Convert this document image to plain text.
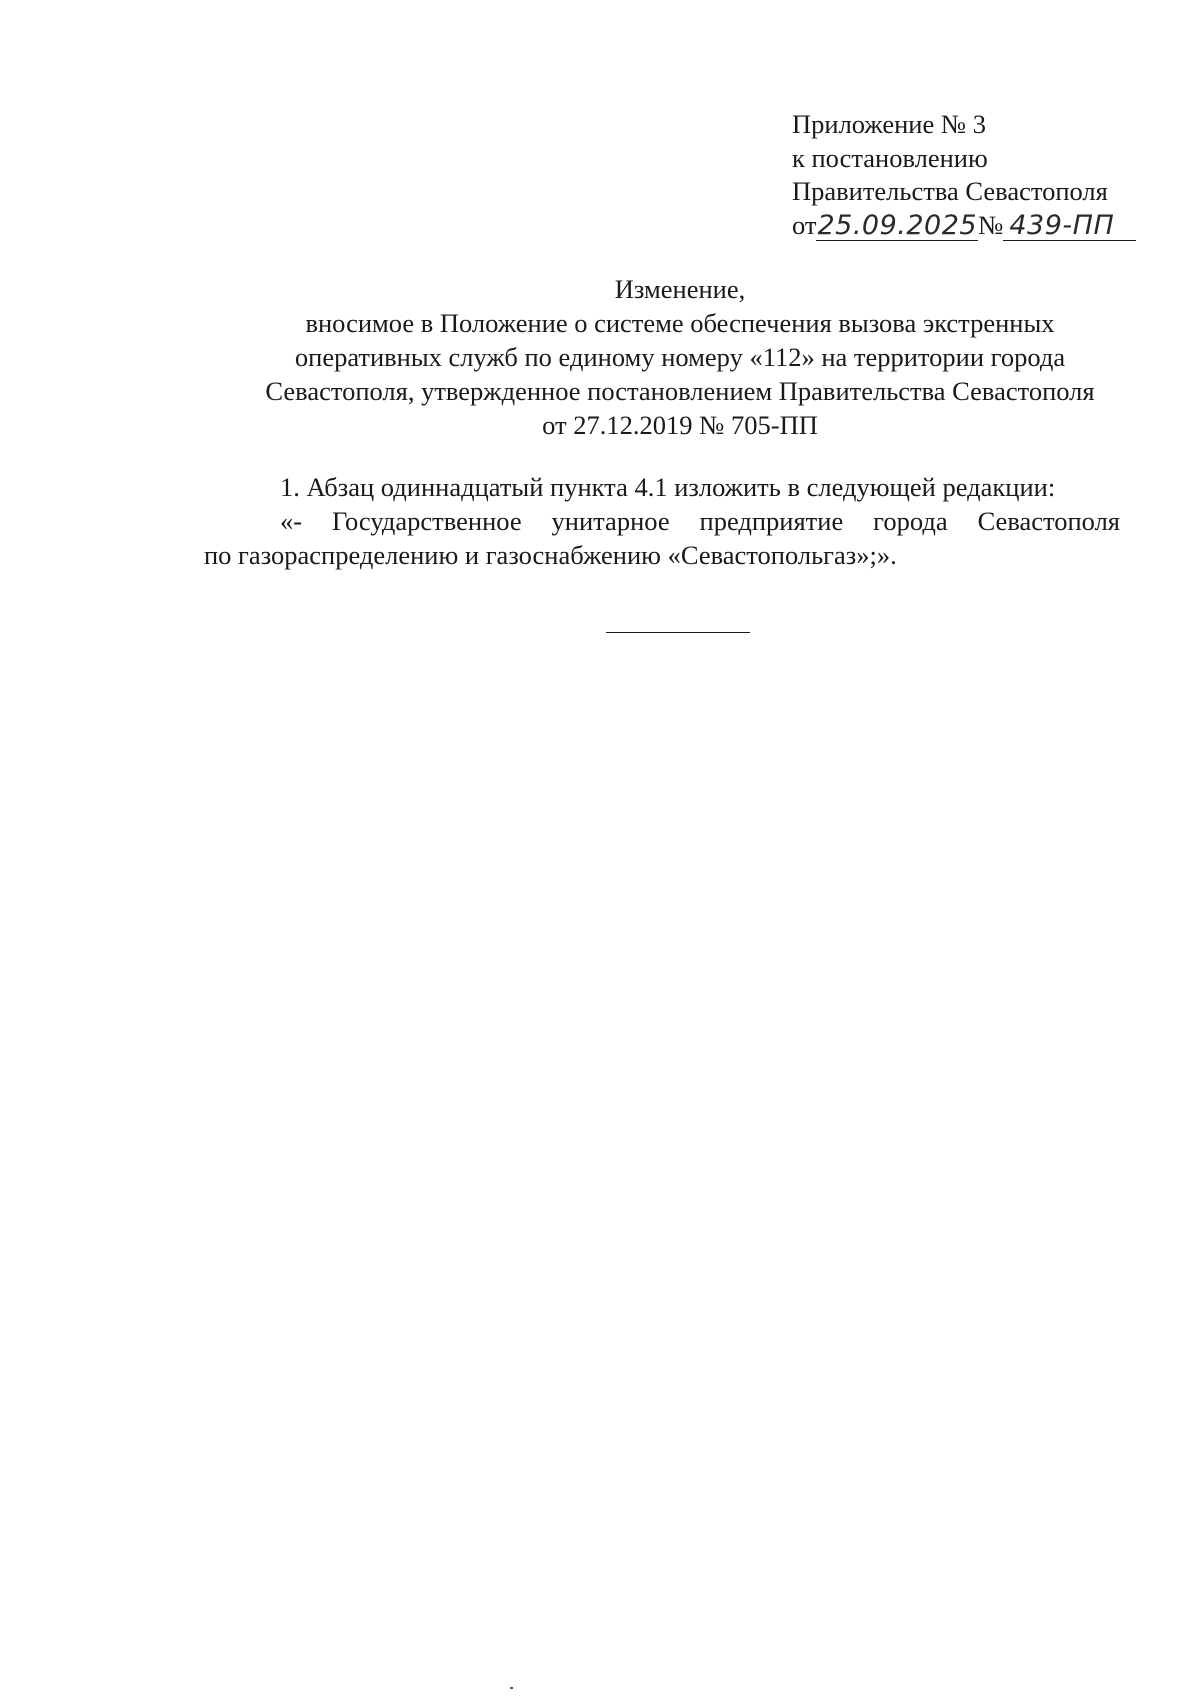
Приложение № 3
к постановлению
Правительства Севастополя
от25.09.2025№ 439-ПП
Изменение,
вносимое в Положение о системе обеспечения вызова экстренных
оперативных служб по единому номеру «112» на территории города
Севастополя, утвержденное постановлением Правительства Севастополя
от 27.12.2019 № 705-ПП

1. Абзац одиннадцатый пункта 4.1 изложить в следующей редакции:

«- Государственное унитарное предприятие города Севастополя

по газораспределению и газоснабжению «Севастопольгаз»;».
